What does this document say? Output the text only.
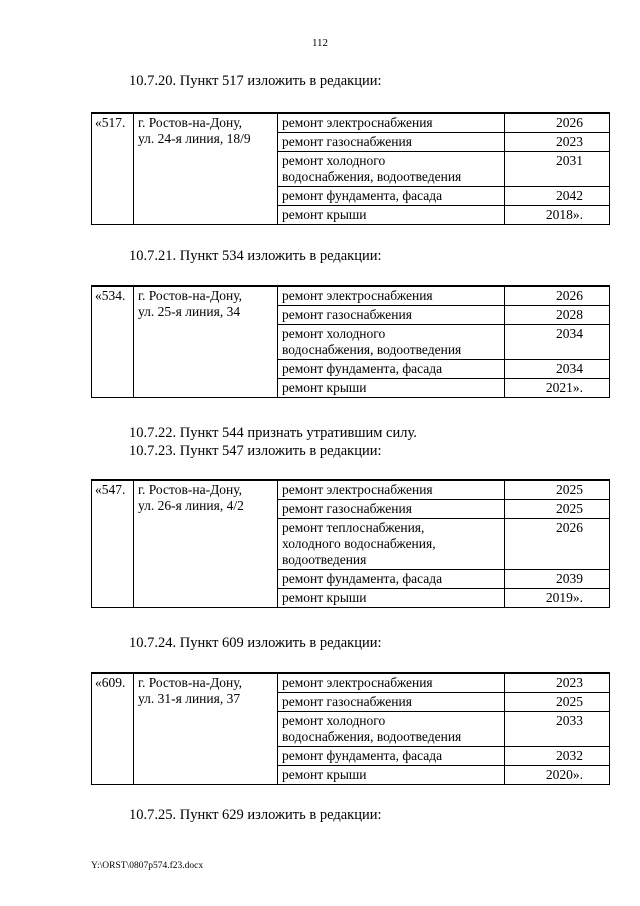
112
10.7.20. Пункт 517 изложить в редакции:
«517.	г. Ростов-на-Дону,
ул. 24-я линия, 18/9	ремонт электроснабжения	2026

		ремонт газоснабжения	2023

		ремонт холодного
водоснабжения, водоотведения	2031

		ремонт фундамента, фасада	2042

		ремонт крыши	2018».
10.7.21. Пункт 534 изложить в редакции:
«534.	г. Ростов-на-Дону,
ул. 25-я линия, 34	ремонт электроснабжения	2026

		ремонт газоснабжения	2028

		ремонт холодного
водоснабжения, водоотведения	2034

		ремонт фундамента, фасада	2034

		ремонт крыши	2021».
10.7.22. Пункт 544 признать утратившим силу.
10.7.23. Пункт 547 изложить в редакции:
«547.	г. Ростов-на-Дону,
ул. 26-я линия, 4/2	ремонт электроснабжения	2025

		ремонт газоснабжения	2025

		ремонт теплоснабжения,
холодного водоснабжения,
водоотведения	2026

		ремонт фундамента, фасада	2039

		ремонт крыши	2019».
10.7.24. Пункт 609 изложить в редакции:
«609.	г. Ростов-на-Дону,
ул. 31-я линия, 37	ремонт электроснабжения	2023

		ремонт газоснабжения	2025

		ремонт холодного
водоснабжения, водоотведения	2033

		ремонт фундамента, фасада	2032

		ремонт крыши	2020».
10.7.25. Пункт 629 изложить в редакции:
Y:\ORST\0807p574.f23.docx
